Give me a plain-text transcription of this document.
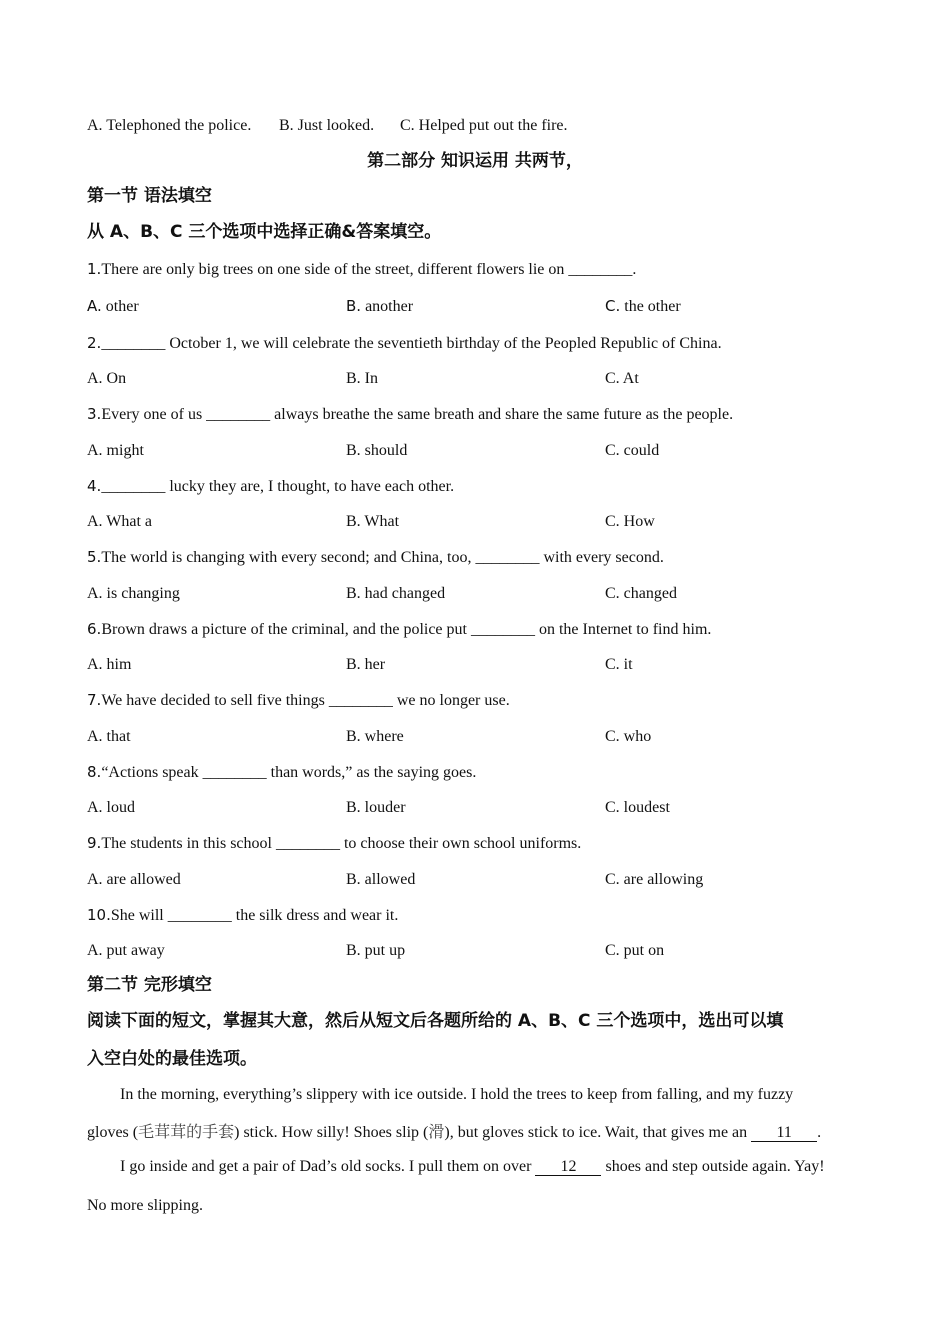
A. Telephoned the police. B. Just looked. C. Helped put out the fire.
第二部分 知识运用 共两节，
第一节 语法填空
从 A、B、C 三个选项中选择正确&答案填空。
1.There are only big trees on one side of the street, different flowers lie on ________.
A. other	B. another	C. the other
2.________ October 1, we will celebrate the seventieth birthday of the Peopled Republic of China.
A. On	B. In	C. At
3.Every one of us ________ always breathe the same breath and share the same future as the people.
A. might	B. should	C. could
4.________ lucky they are, I thought, to have each other.
A. What a	B. What	C. How
5.The world is changing with every second; and China, too, ________ with every second.
A. is changing	B. had changed	C. changed
6.Brown draws a picture of the criminal, and the police put ________ on the Internet to find him.
A. him	B. her	C. it
7.We have decided to sell five things ________ we no longer use.
A. that	B. where	C. who
8.“Actions speak ________ than words,” as the saying goes.
A. loud	B. louder	C. loudest
9.The students in this school ________ to choose their own school uniforms.
A. are allowed	B. allowed	C. are allowing
10.She will ________ the silk dress and wear it.
A. put away	B. put up	C. put on
第二节 完形填空
阅读下面的短文，掌握其大意，然后从短文后各题所给的 A、B、C 三个选项中，选出可以填
入空白处的最佳选项。
In the morning, everything’s slippery with ice outside. I hold the trees to keep from falling, and my fuzzy
gloves (毛茸茸的手套) stick. How silly! Shoes slip (滑), but gloves stick to ice. Wait, that gives me an 11 .
I go inside and get a pair of Dad’s old socks. I pull them on over 12 shoes and step outside again. Yay!
No more slipping.
